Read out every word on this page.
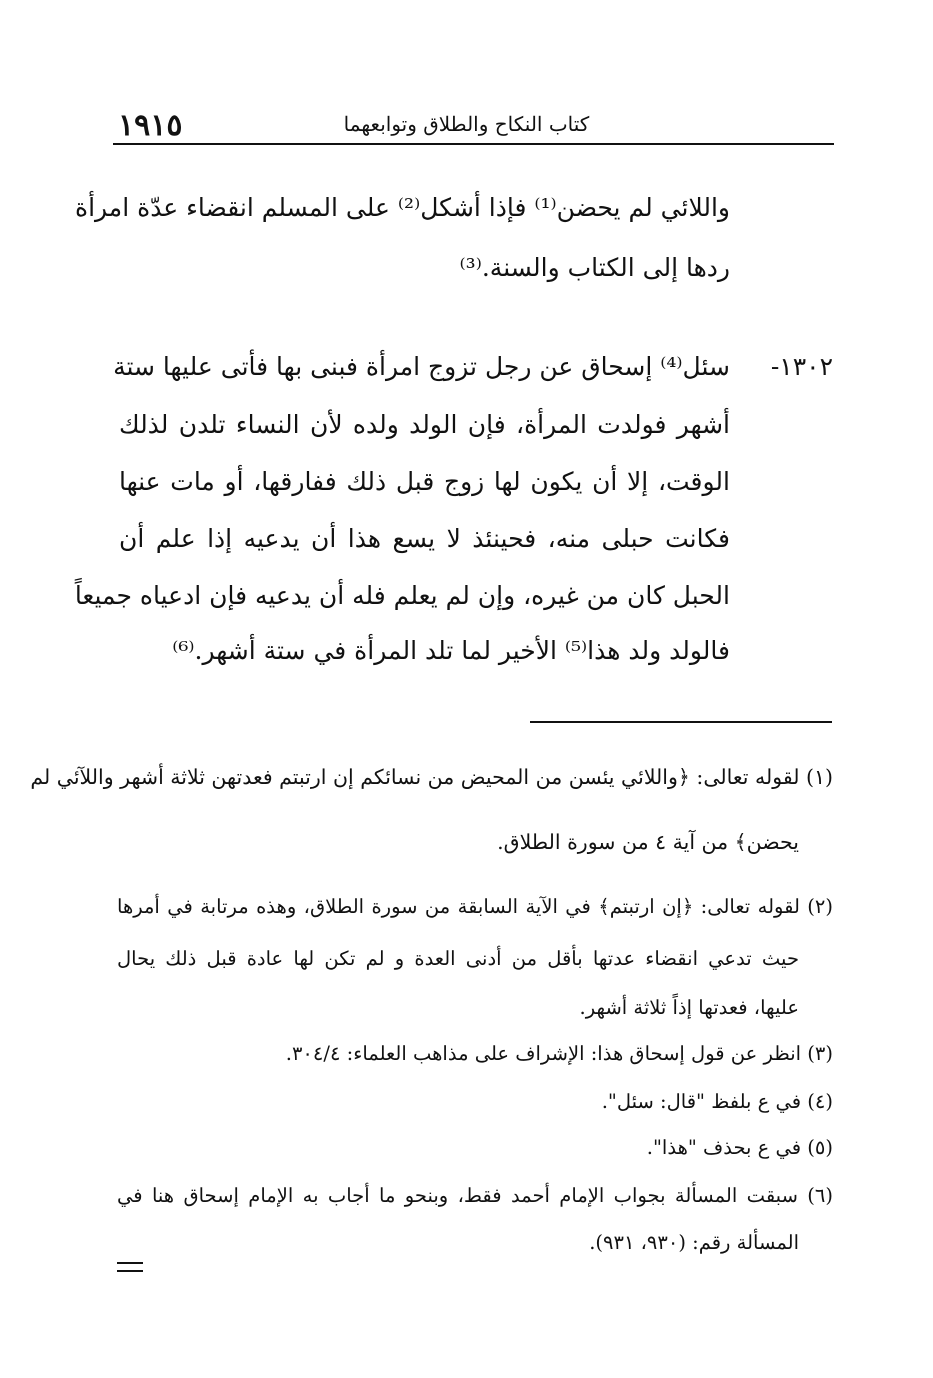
١٩١٥	كتاب النكاح والطلاق وتوابعهما
واللائي لم يحضن⁽¹⁾ فإذا أشكل⁽²⁾ على المسلم انقضاء عدّة امرأة
ردها إلى الكتاب والسنة.⁽³⁾
١٣٠٢-
سئل⁽⁴⁾ إسحاق عن رجل تزوج امرأة فبنى بها فأتى عليها ستة
أشهر فولدت المرأة، فإن الولد ولده لأن النساء تلدن لذلك
الوقت، إلا أن يكون لها زوج قبل ذلك ففارقها، أو مات عنها
فكانت حبلى منه، فحينئذ لا يسع هذا أن يدعيه إذا علم أن
الحبل كان من غيره، وإن لم يعلم فله أن يدعيه فإن ادعياه جميعاً
فالولد ولد هذا⁽⁵⁾ الأخير لما تلد المرأة في ستة أشهر.⁽⁶⁾
(١) لقوله تعالى: ﴿واللائي يئسن من المحيض من نسائكم إن ارتبتم فعدتهن ثلاثة أشهر واللآئي لم
يحضن﴾ من آية ٤ من سورة الطلاق.
(٢) لقوله تعالى: ﴿إن ارتبتم﴾ في الآية السابقة من سورة الطلاق، وهذه مرتابة في أمرها
حيث تدعي انقضاء عدتها بأقل من أدنى العدة و لم تكن لها عادة قبل ذلك يحال
عليها، فعدتها إذاً ثلاثة أشهر.
(٣) انظر عن قول إسحاق هذا: الإشراف على مذاهب العلماء: ٣٠٤/٤.
(٤) في ع بلفظ "قال: سئل".
(٥) في ع بحذف "هذا".
(٦) سبقت المسألة بجواب الإمام أحمد فقط، وبنحو ما أجاب به الإمام إسحاق هنا في
المسألة رقم: (٩٣٠، ٩٣١).
